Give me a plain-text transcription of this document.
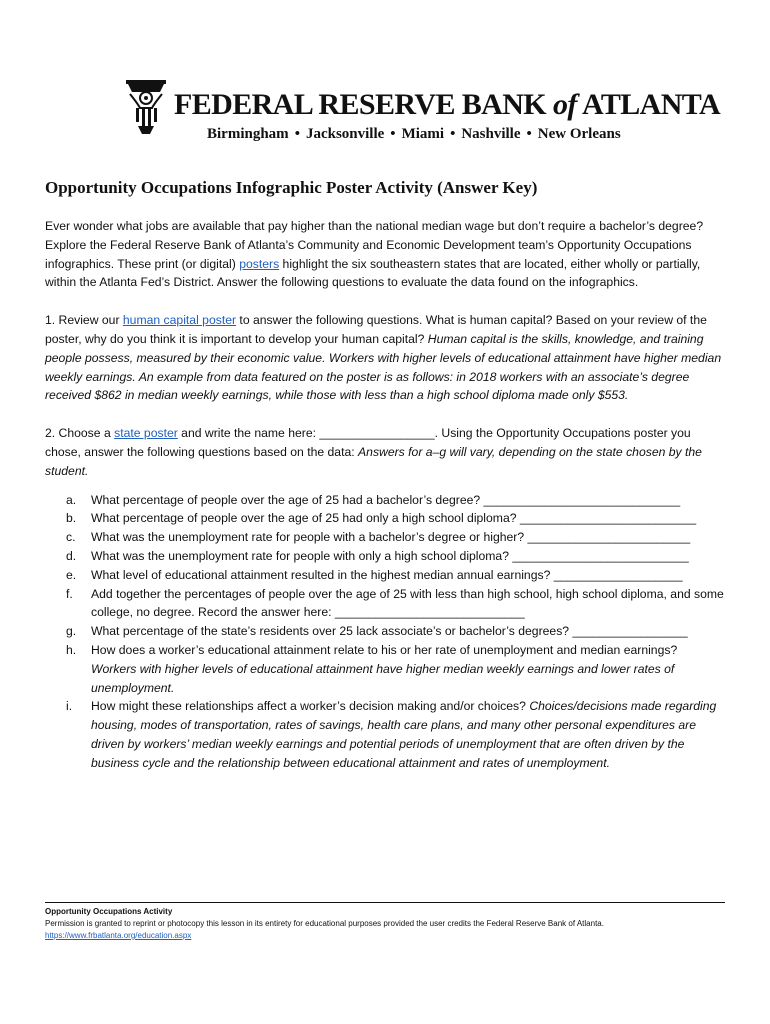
FEDERAL RESERVE BANK of ATLANTA
Birmingham • Jacksonville • Miami • Nashville • New Orleans
Opportunity Occupations Infographic Poster Activity (Answer Key)

Ever wonder what jobs are available that pay higher than the national median wage but don’t require a bachelor’s degree? Explore the Federal Reserve Bank of Atlanta’s Community and Economic Development team’s Opportunity Occupations infographics. These print (or digital) posters highlight the six southeastern states that are located, either wholly or partially, within the Atlanta Fed’s District. Answer the following questions to evaluate the data found on the infographics.

1. Review our human capital poster to answer the following questions. What is human capital? Based on your review of the poster, why do you think it is important to develop your human capital? Human capital is the skills, knowledge, and training people possess, measured by their economic value. Workers with higher levels of educational attainment have higher median weekly earnings. An example from data featured on the poster is as follows: in 2018 workers with an associate’s degree received $862 in median weekly earnings, while those with less than a high school diploma made only $553.

2. Choose a state poster and write the name here: _________________. Using the Opportunity Occupations poster you chose, answer the following questions based on the data: Answers for a–g will vary, depending on the state chosen by the student.

a. What percentage of people over the age of 25 had a bachelor’s degree? _____________________________
b. What percentage of people over the age of 25 had only a high school diploma? __________________________
c. What was the unemployment rate for people with a bachelor’s degree or higher? ________________________
d. What was the unemployment rate for people with only a high school diploma? __________________________
e. What level of educational attainment resulted in the highest median annual earnings? ___________________
f. Add together the percentages of people over the age of 25 with less than high school, high school diploma, and some college, no degree. Record the answer here: ____________________________
g. What percentage of the state’s residents over 25 lack associate’s or bachelor’s degrees? _________________
h. How does a worker’s educational attainment relate to his or her rate of unemployment and median earnings? Workers with higher levels of educational attainment have higher median weekly earnings and lower rates of unemployment.
i. How might these relationships affect a worker’s decision making and/or choices? Choices/decisions made regarding housing, modes of transportation, rates of savings, health care plans, and many other personal expenditures are driven by workers’ median weekly earnings and potential periods of unemployment that are often driven by the business cycle and the relationship between educational attainment and rates of unemployment.
Opportunity Occupations Activity
Permission is granted to reprint or photocopy this lesson in its entirety for educational purposes provided the user credits the Federal Reserve Bank of Atlanta.
https://www.frbatlanta.org/education.aspx
